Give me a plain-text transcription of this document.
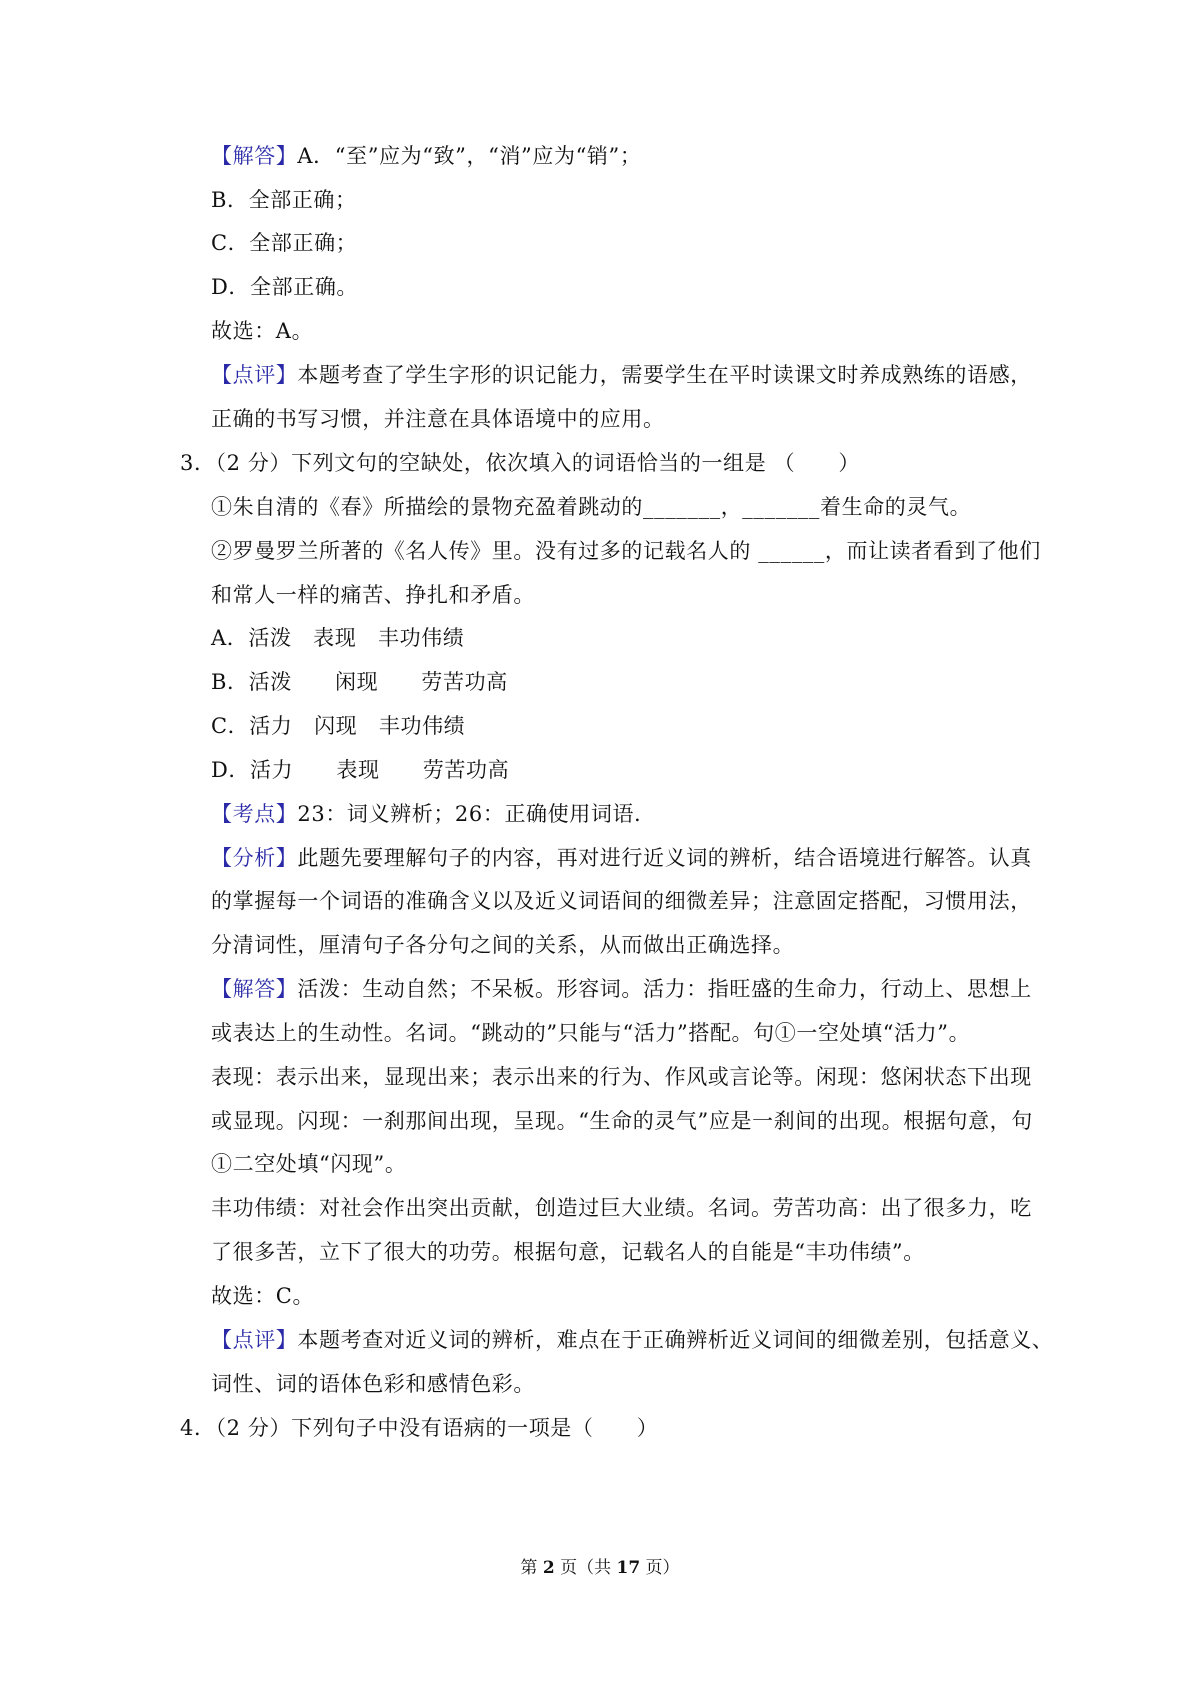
【解答】A．“至”应为“致”，“消”应为“销”；
B．全部正确；
C．全部正确；
D．全部正确。
故选：A。
【点评】本题考查了学生字形的识记能力，需要学生在平时读课文时养成熟练的语感，
正确的书写习惯，并注意在具体语境中的应用。
3．（2 分）下列文句的空缺处，依次填入的词语恰当的一组是 （　　）
①朱自清的《春》所描绘的景物充盈着跳动的_______，_______着生命的灵气。
②罗曼罗兰所著的《名人传》里。没有过多的记载名人的 ______，而让读者看到了他们
和常人一样的痛苦、挣扎和矛盾。
A．活泼　表现　丰功伟绩
B．活泼　　闲现　　劳苦功高
C．活力　闪现　丰功伟绩
D．活力　　表现　　劳苦功高
【考点】23：词义辨析；26：正确使用词语.
【分析】此题先要理解句子的内容，再对进行近义词的辨析，结合语境进行解答。认真
的掌握每一个词语的准确含义以及近义词语间的细微差异；注意固定搭配，习惯用法，
分清词性，厘清句子各分句之间的关系，从而做出正确选择。
【解答】活泼：生动自然；不呆板。形容词。活力：指旺盛的生命力，行动上、思想上
或表达上的生动性。名词。“跳动的”只能与“活力”搭配。句①一空处填“活力”。
表现：表示出来，显现出来；表示出来的行为、作风或言论等。闲现：悠闲状态下出现
或显现。闪现：一刹那间出现，呈现。“生命的灵气”应是一刹间的出现。根据句意，句
①二空处填“闪现”。
丰功伟绩：对社会作出突出贡献，创造过巨大业绩。名词。劳苦功高：出了很多力，吃
了很多苦，立下了很大的功劳。根据句意，记载名人的自能是“丰功伟绩”。
故选：C。
【点评】本题考查对近义词的辨析，难点在于正确辨析近义词间的细微差别，包括意义、
词性、词的语体色彩和感情色彩。
4．（2 分）下列句子中没有语病的一项是（　　）
第 2 页（共 17 页）
